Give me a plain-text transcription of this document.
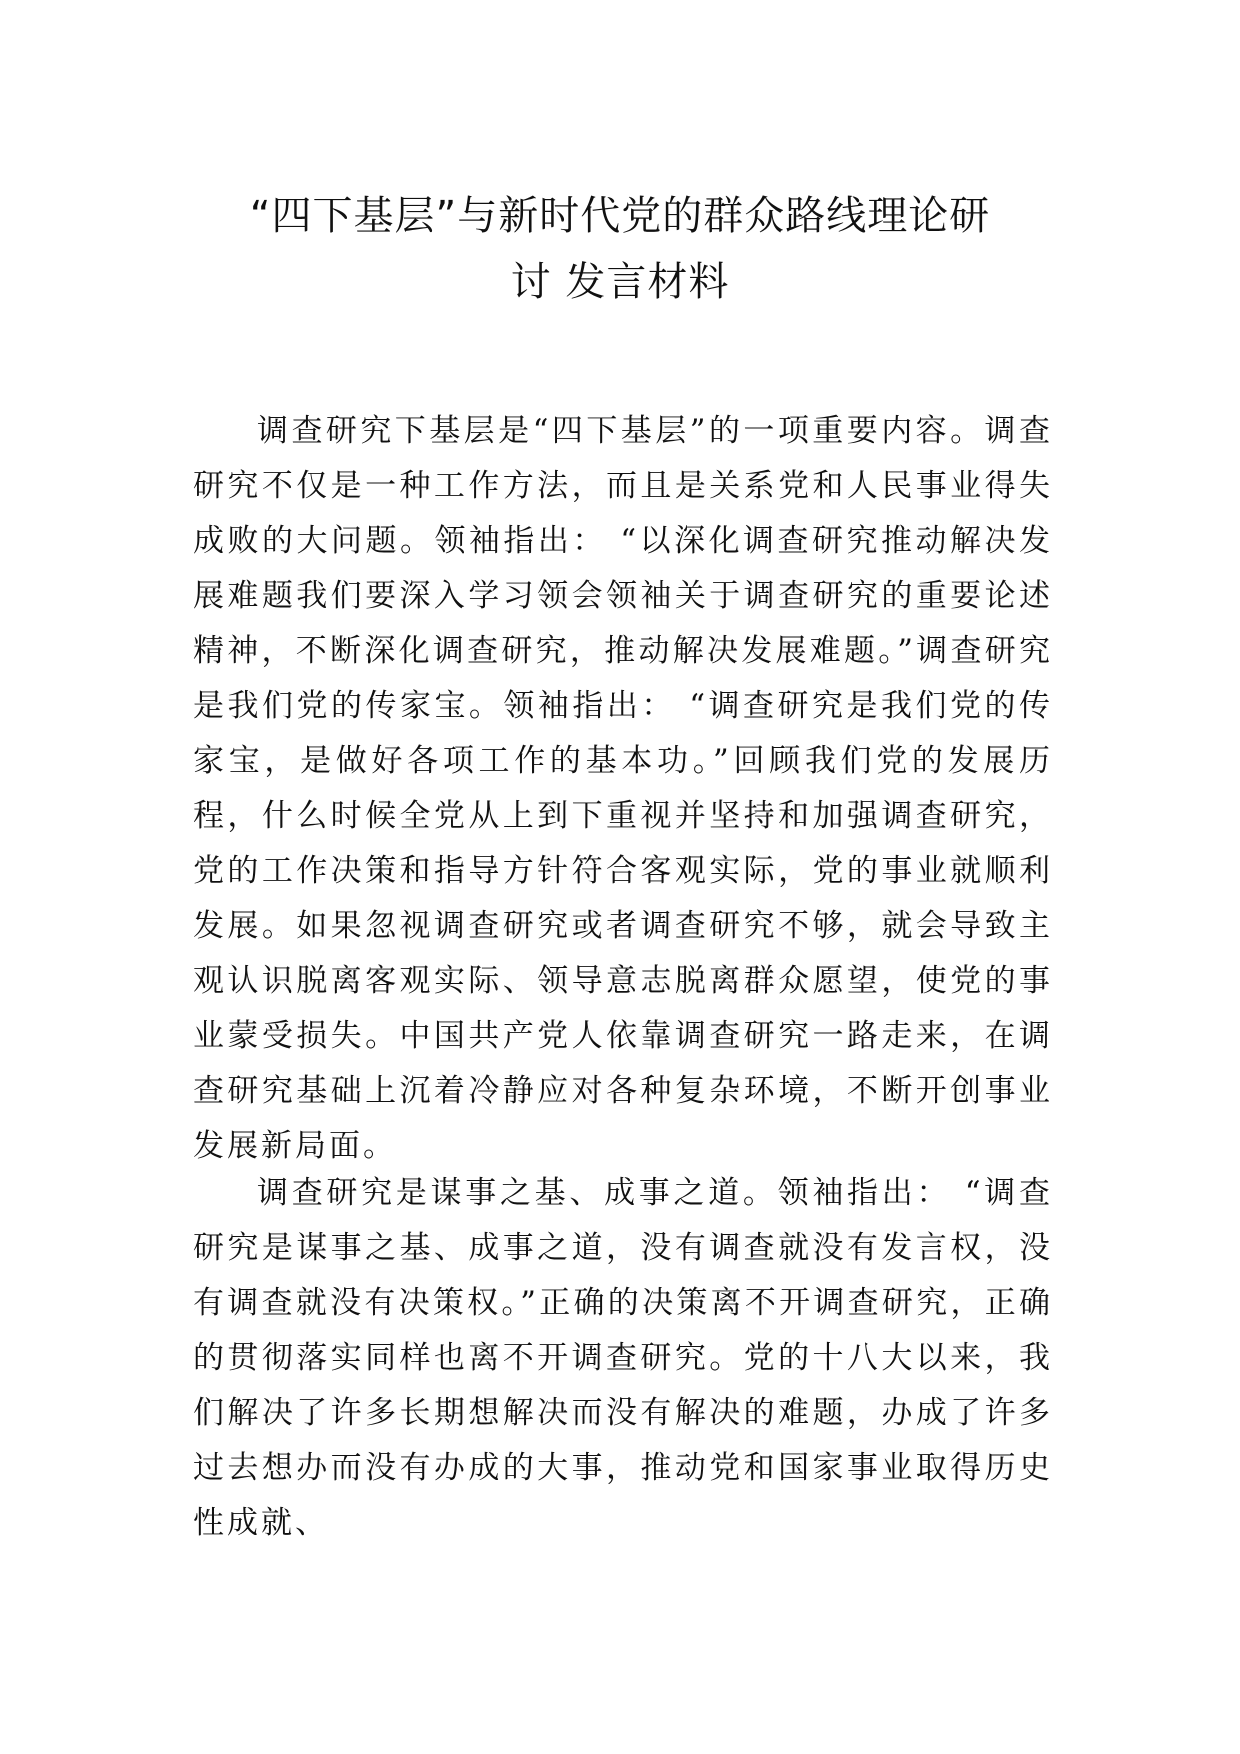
“四下基层”与新时代党的群众路线理论研
讨 发言材料

调查研究下基层是“四下基层”的一项重要内容。调查研究不仅是一种工作方法，而且是关系党和人民事业得失成败的大问题。领袖指出： “以深化调查研究推动解决发展难题我们要深入学习领会领袖关于调查研究的重要论述精神，不断深化调查研究，推动解决发展难题。”调查研究是我们党的传家宝。领袖指出： “调查研究是我们党的传家宝，是做好各项工作的基本功。”回顾我们党的发展历程，什么时候全党从上到下重视并坚持和加强调查研究，党的工作决策和指导方针符合客观实际，党的事业就顺利发展。如果忽视调查研究或者调查研究不够，就会导致主观认识脱离客观实际、领导意志脱离群众愿望，使党的事业蒙受损失。中国共产党人依靠调查研究一路走来，在调查研究基础上沉着冷静应对各种复杂环境，不断开创事业发展新局面。

调查研究是谋事之基、成事之道。领袖指出： “调查研究是谋事之基、成事之道，没有调查就没有发言权，没有调查就没有决策权。”正确的决策离不开调查研究，正确的贯彻落实同样也离不开调查研究。党的十八大以来，我们解决了许多长期想解决而没有解决的难题，办成了许多过去想办而没有办成的大事，推动党和国家事业取得历史性成就、
